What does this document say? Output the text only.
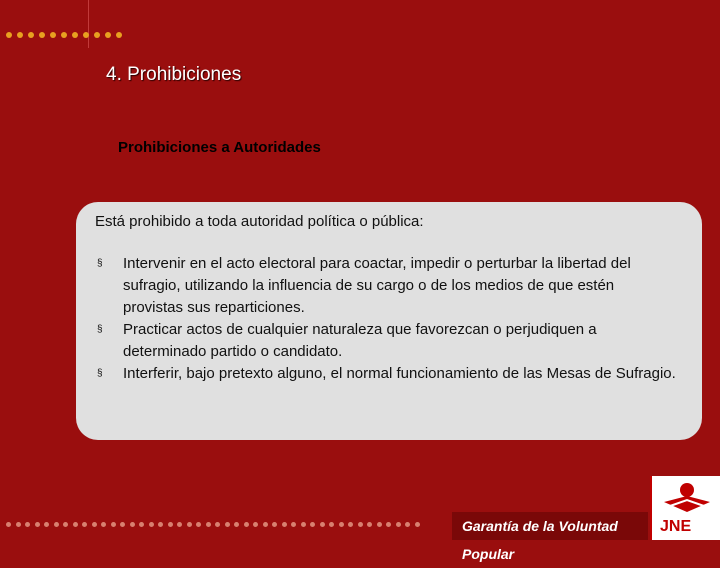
4. Prohibiciones
Prohibiciones a Autoridades

Está prohibido a toda autoridad política o pública:

§ Intervenir en el acto electoral para coactar, impedir o perturbar la libertad del sufragio, utilizando la influencia de su cargo o de los medios de que estén provistas sus reparticiones.
§ Practicar actos de cualquier naturaleza que favorezcan o perjudiquen a determinado partido o candidato.
§ Interferir, bajo pretexto alguno, el normal funcionamiento de las Mesas de Sufragio.
Garantía de la Voluntad Popular
JNE
